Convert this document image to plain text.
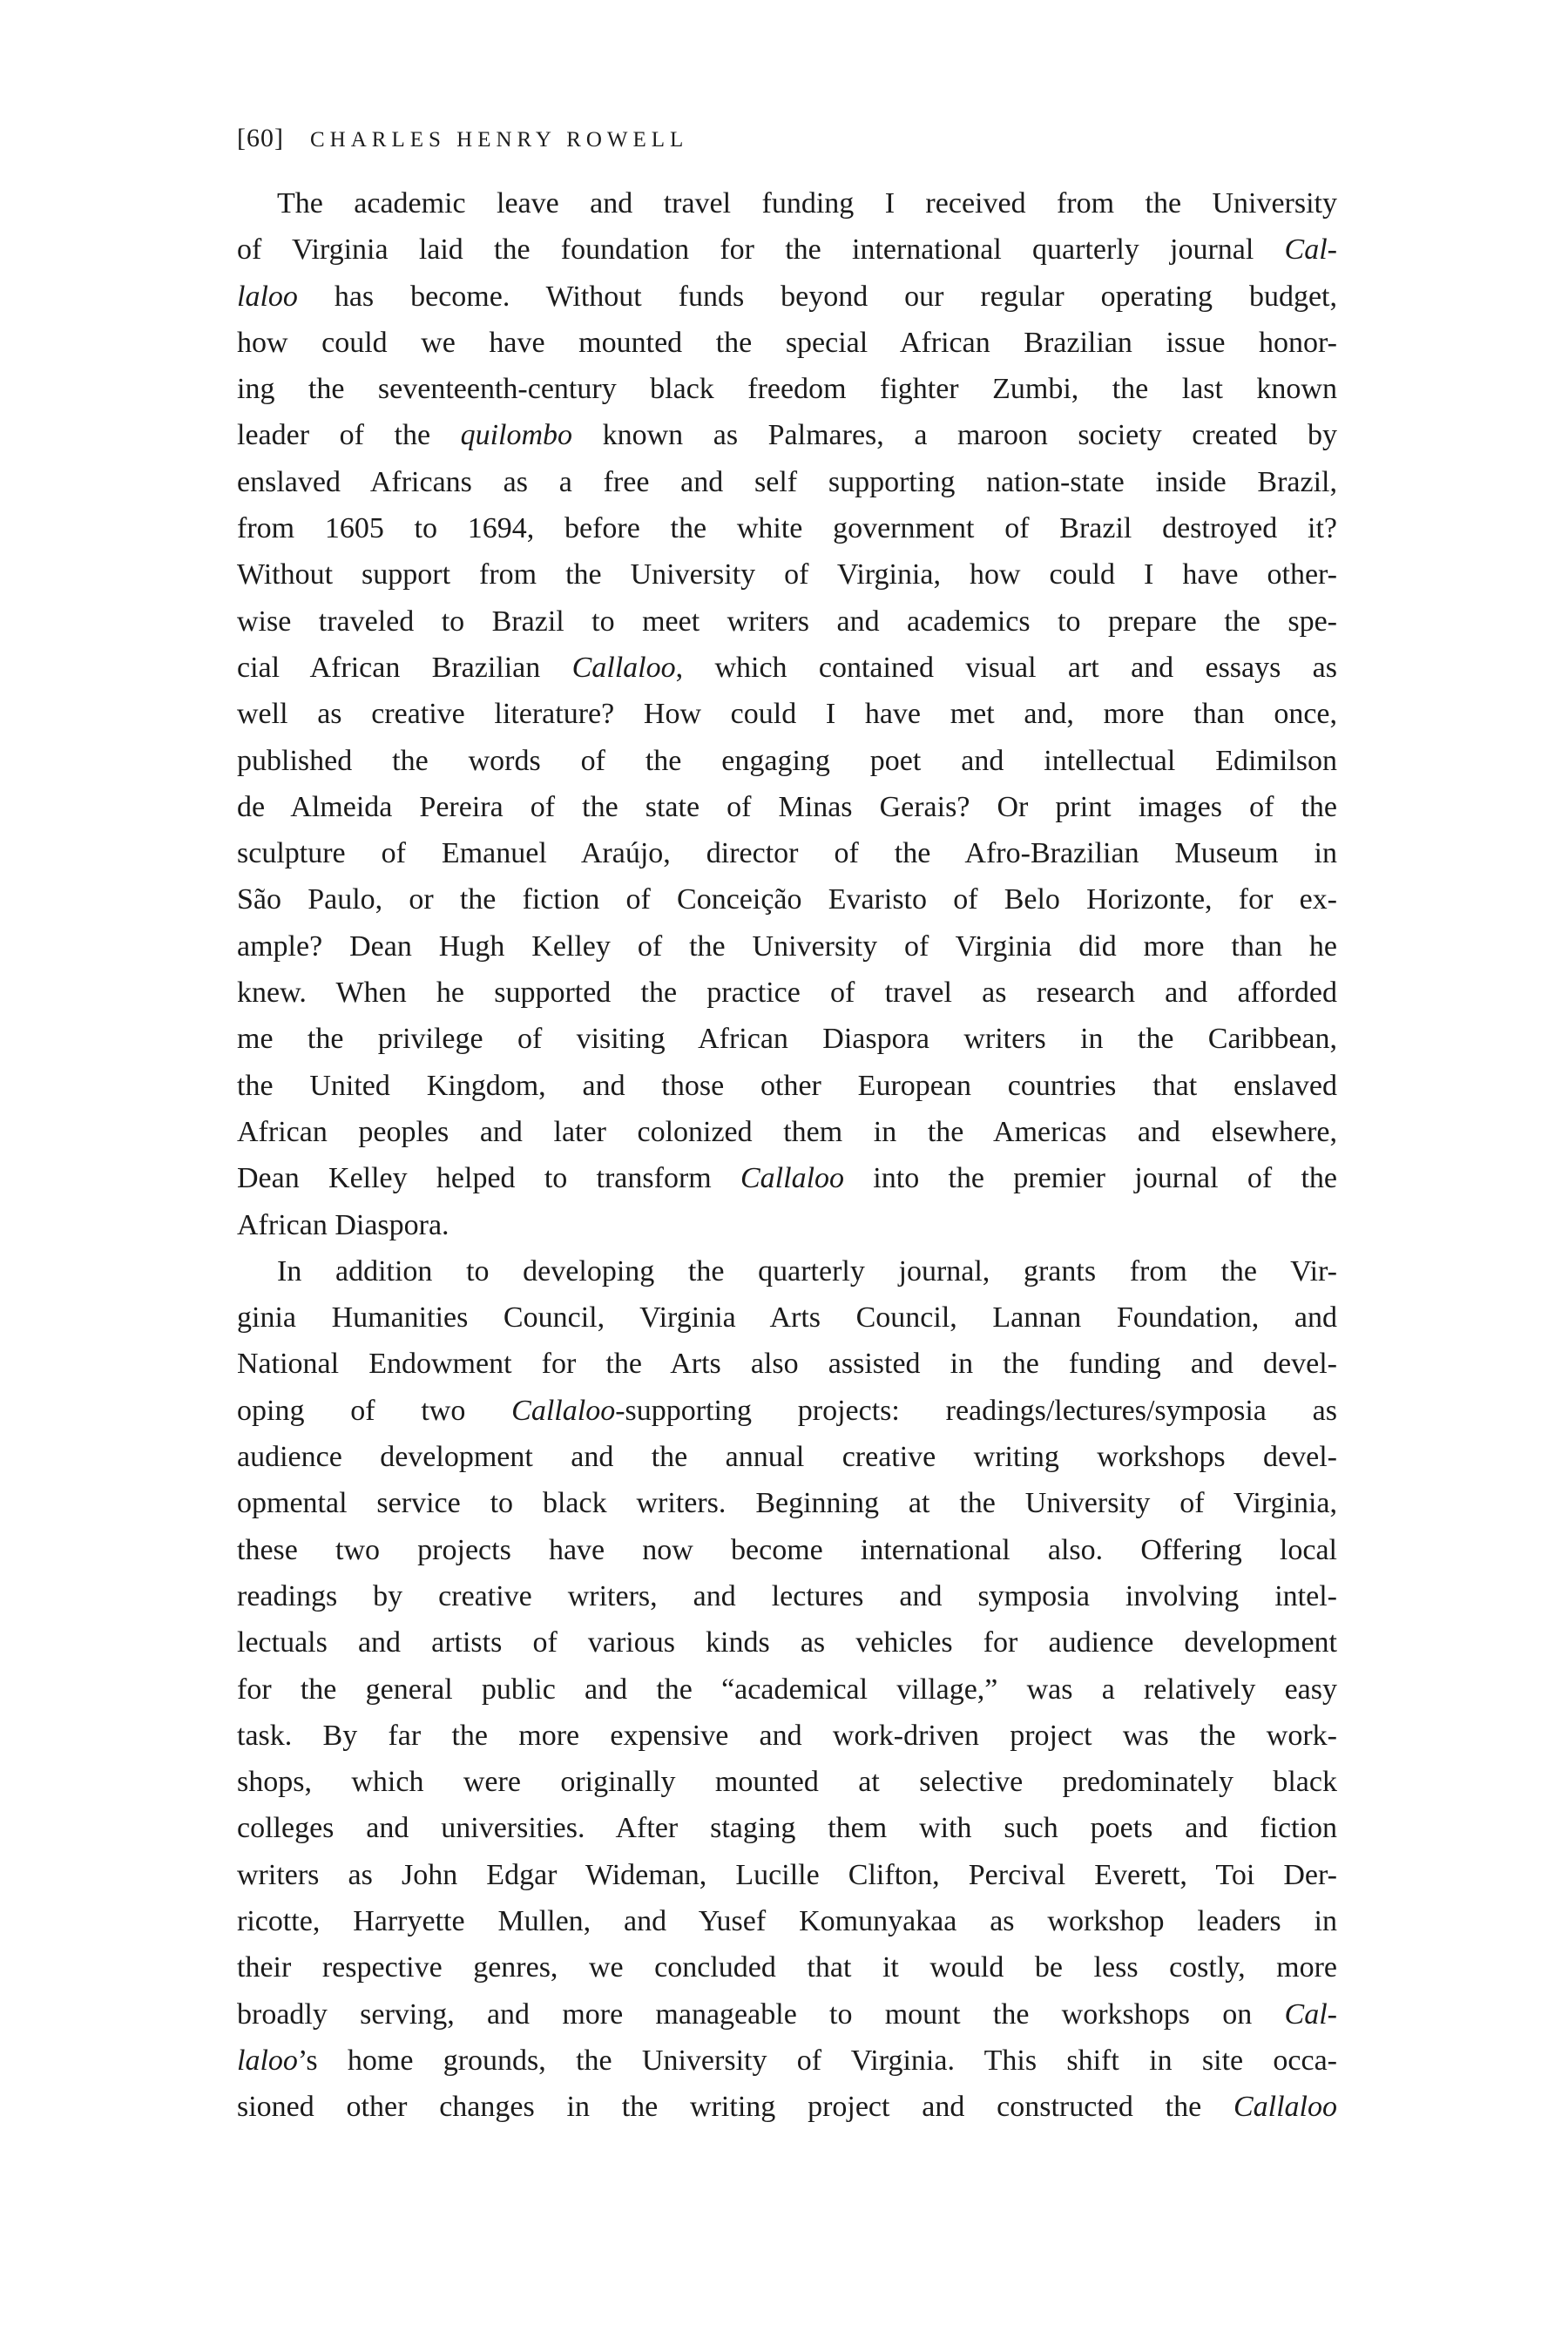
[60] CHARLES HENRY ROWELL
The academic leave and travel funding I received from the University
of Virginia laid the foundation for the international quarterly journal Cal-
laloo has become. Without funds beyond our regular operating budget,
how could we have mounted the special African Brazilian issue honor-
ing the seventeenth-century black freedom fighter Zumbi, the last known
leader of the quilombo known as Palmares, a maroon society created by
enslaved Africans as a free and self supporting nation-state inside Brazil,
from 1605 to 1694, before the white government of Brazil destroyed it?
Without support from the University of Virginia, how could I have other-
wise traveled to Brazil to meet writers and academics to prepare the spe-
cial African Brazilian Callaloo, which contained visual art and essays as
well as creative literature? How could I have met and, more than once,
published the words of the engaging poet and intellectual Edimilson
de Almeida Pereira of the state of Minas Gerais? Or print images of the
sculpture of Emanuel Araújo, director of the Afro-Brazilian Museum in
São Paulo, or the fiction of Conceição Evaristo of Belo Horizonte, for ex-
ample? Dean Hugh Kelley of the University of Virginia did more than he
knew. When he supported the practice of travel as research and afforded
me the privilege of visiting African Diaspora writers in the Caribbean,
the United Kingdom, and those other European countries that enslaved
African peoples and later colonized them in the Americas and elsewhere,
Dean Kelley helped to transform Callaloo into the premier journal of the
African Diaspora.
In addition to developing the quarterly journal, grants from the Vir-
ginia Humanities Council, Virginia Arts Council, Lannan Foundation, and
National Endowment for the Arts also assisted in the funding and devel-
oping of two Callaloo-supporting projects: readings/lectures/symposia as
audience development and the annual creative writing workshops devel-
opmental service to black writers. Beginning at the University of Virginia,
these two projects have now become international also. Offering local
readings by creative writers, and lectures and symposia involving intel-
lectuals and artists of various kinds as vehicles for audience development
for the general public and the “academical village,” was a relatively easy
task. By far the more expensive and work-driven project was the work-
shops, which were originally mounted at selective predominately black
colleges and universities. After staging them with such poets and fiction
writers as John Edgar Wideman, Lucille Clifton, Percival Everett, Toi Der-
ricotte, Harryette Mullen, and Yusef Komunyakaa as workshop leaders in
their respective genres, we concluded that it would be less costly, more
broadly serving, and more manageable to mount the workshops on Cal-
laloo’s home grounds, the University of Virginia. This shift in site occa-
sioned other changes in the writing project and constructed the Callaloo
